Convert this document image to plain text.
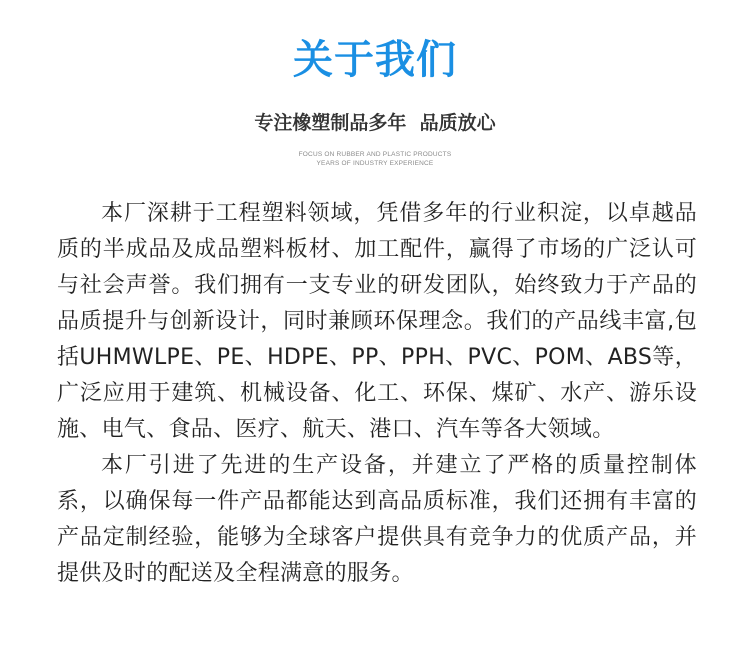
关于我们
专注橡塑制品多年  品质放心
FOCUS ON RUBBER AND PLASTIC PRODUCTS
YEARS OF INDUSTRY EXPERIENCE

本厂深耕于工程塑料领域，凭借多年的行业积淀，以卓越品质的半成品及成品塑料板材、加工配件，赢得了市场的广泛认可与社会声誉。我们拥有一支专业的研发团队，始终致力于产品的品质提升与创新设计，同时兼顾环保理念。我们的产品线丰富,包括UHMWLPE、PE、HDPE、PP、PPH、PVC、POM、ABS等，广泛应用于建筑、机械设备、化工、环保、煤矿、水产、游乐设施、电气、食品、医疗、航天、港口、汽车等各大领域。

本厂引进了先进的生产设备，并建立了严格的质量控制体系，以确保每一件产品都能达到高品质标准，我们还拥有丰富的产品定制经验，能够为全球客户提供具有竞争力的优质产品，并提供及时的配送及全程满意的服务。
